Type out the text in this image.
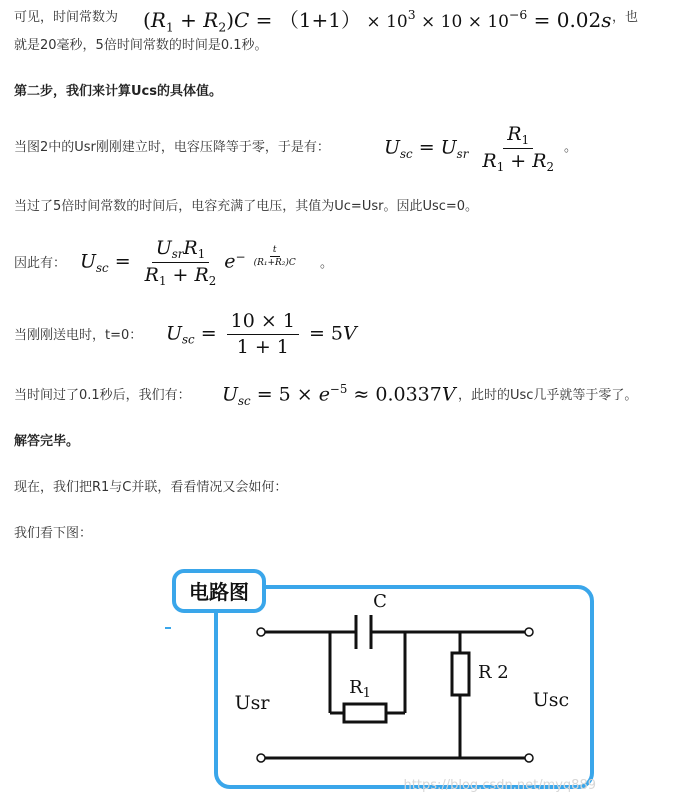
可见，时间常数为 $(R_1 + R_2)C = (1+1) \times 10^3 \times 10 \times 10^{-6} = 0.02s$ ，也
就是20毫秒，5倍时间常数的时间是0.1秒。
第二步，我们来计算Ucs的具体值。
当图2中的Usr刚刚建立时，电容压降等于零，于是有：	$U_{sc} = U_{sr} \frac{R_1}{R_1 + R_2}$ 。
当过了5倍时间常数的时间后，电容充满了电压，其值为Uc=Usr。因此Usc=0。
因此有： $U_{sc} = \frac{U_{sr}R_1}{R_1 + R_2}$ $e - \frac{t}{\text{(R₁+R₂)C}}$ 。
当刚刚送电时，t=0： $U_{sc} = \frac{10 \times 1}{1 + 1} = 5V$
当时间过了0.1秒后，我们有： $U_{sc} = 5 \times e^{-5} \approx 0.0337V$ ，此时的Usc几乎就等于零了。
解答完毕。
现在，我们把R1与C并联，看看情况又会如何：
我们看下图：
电路图	C
$R_1$
R 2
Usr	Usc
https://blog.csdn.net/myq889
